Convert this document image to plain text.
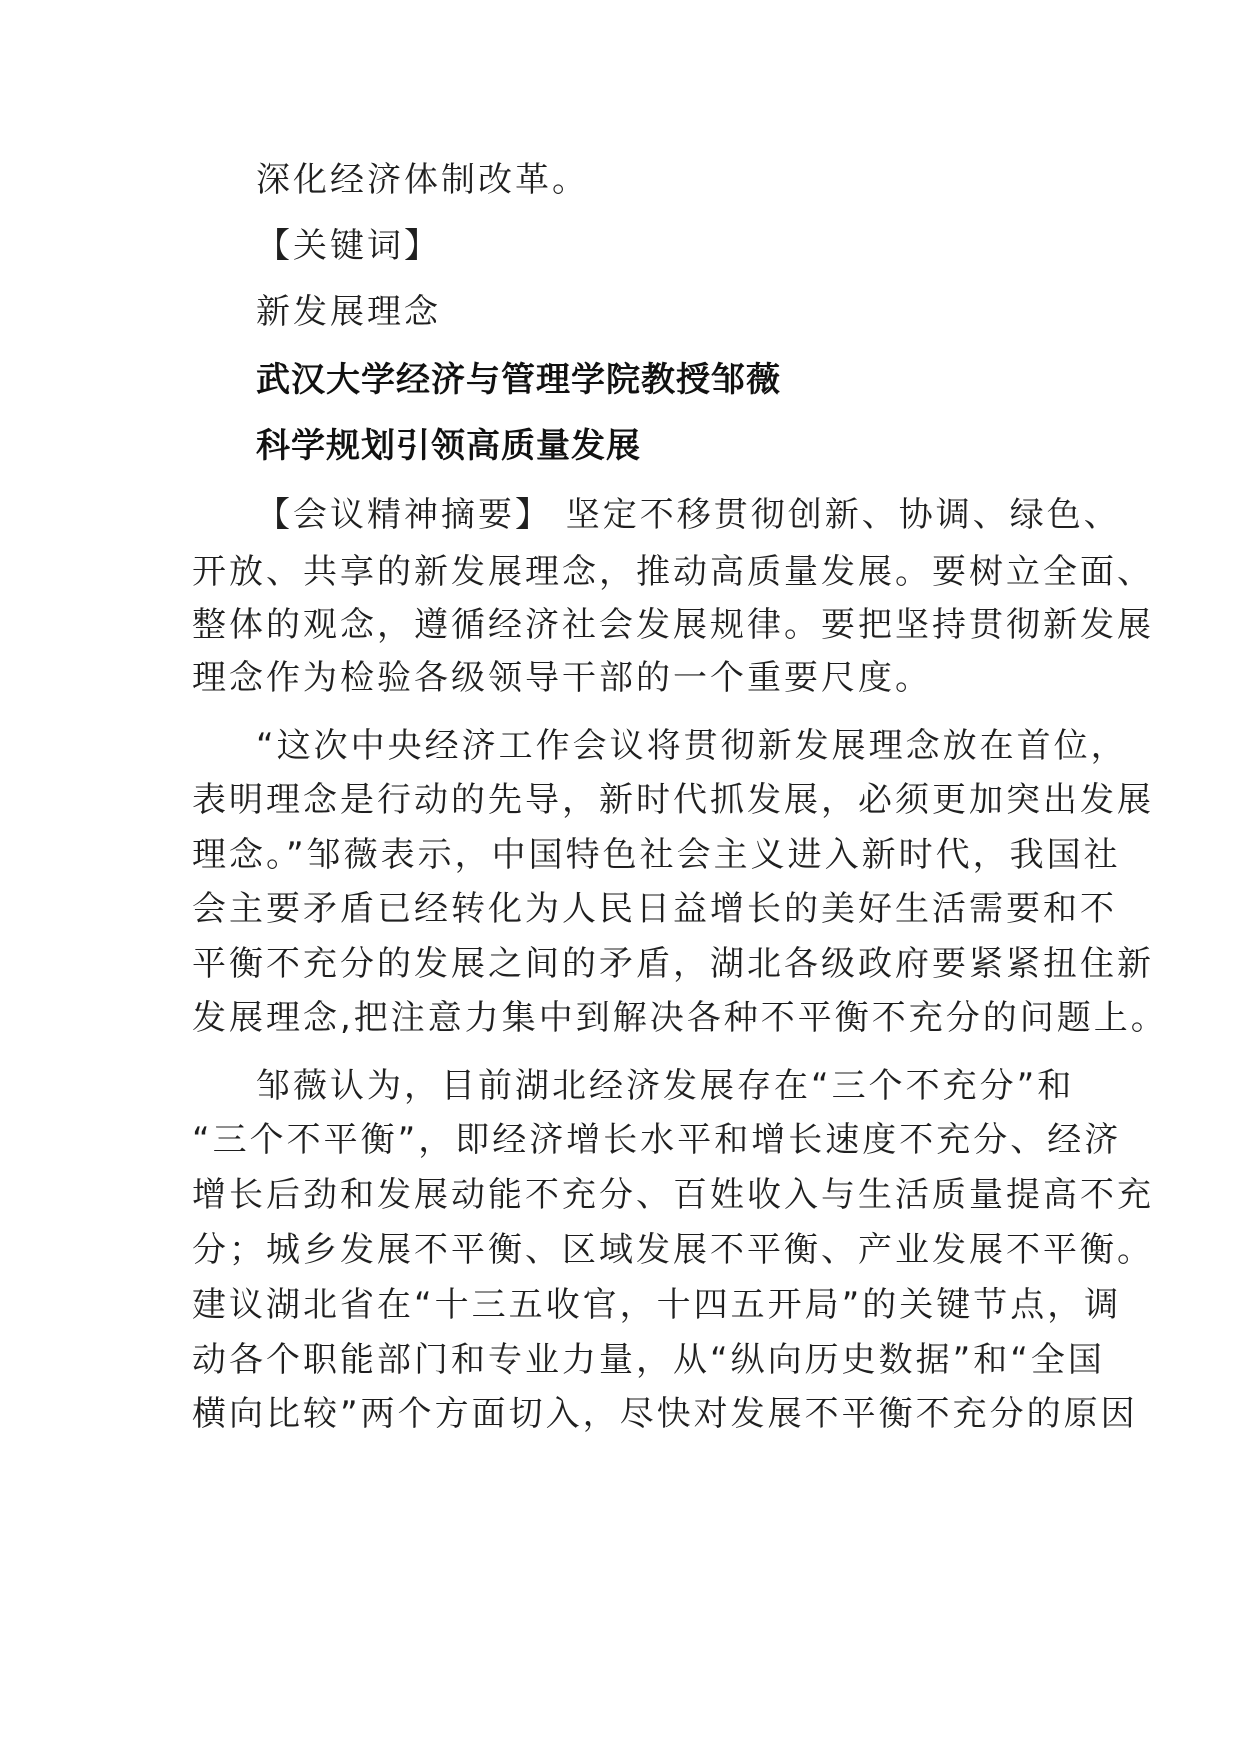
深化经济体制改革。
【关键词】
新发展理念
武汉大学经济与管理学院教授邹薇
科学规划引领高质量发展
【会议精神摘要】 坚定不移贯彻创新、协调、绿色、
开放、共享的新发展理念，推动高质量发展。要树立全面、
整体的观念，遵循经济社会发展规律。要把坚持贯彻新发展
理念作为检验各级领导干部的一个重要尺度。
“这次中央经济工作会议将贯彻新发展理念放在首位，
表明理念是行动的先导，新时代抓发展，必须更加突出发展
理念。”邹薇表示，中国特色社会主义进入新时代，我国社
会主要矛盾已经转化为人民日益增长的美好生活需要和不
平衡不充分的发展之间的矛盾，湖北各级政府要紧紧扭住新
发展理念,把注意力集中到解决各种不平衡不充分的问题上。
邹薇认为，目前湖北经济发展存在“三个不充分”和
“三个不平衡”，即经济增长水平和增长速度不充分、经济
增长后劲和发展动能不充分、百姓收入与生活质量提高不充
分；城乡发展不平衡、区域发展不平衡、产业发展不平衡。
建议湖北省在“十三五收官，十四五开局”的关键节点，调
动各个职能部门和专业力量，从“纵向历史数据”和“全国
横向比较”两个方面切入，尽快对发展不平衡不充分的原因
